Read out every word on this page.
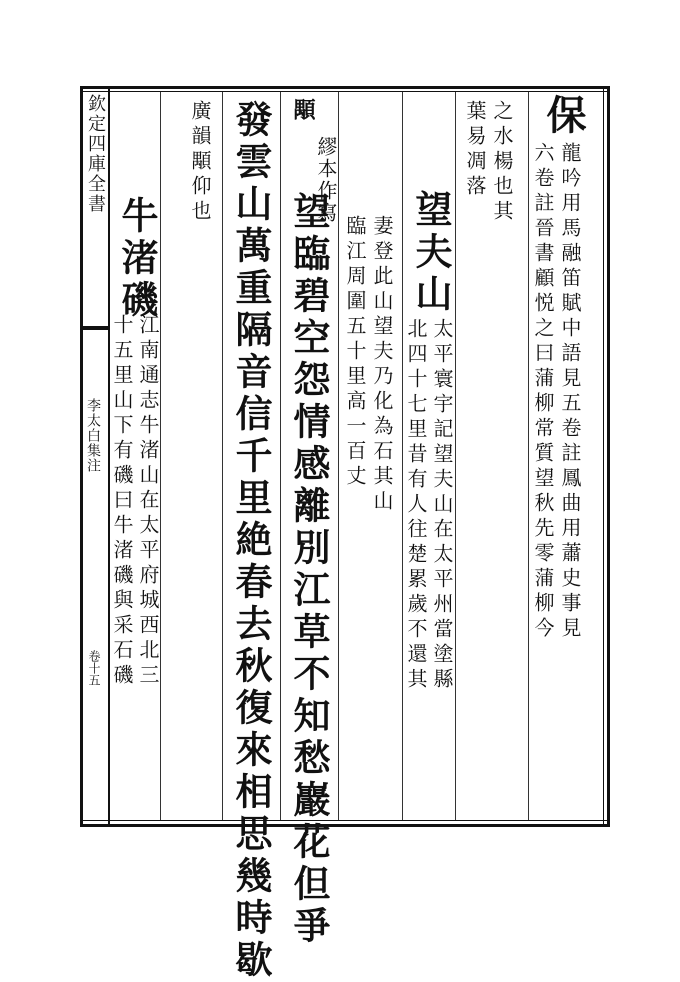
欽定四庫全書
李太白集注
卷十五
保
龍吟用馬融笛賦中語見五卷註鳳曲用蕭史事見
六卷註晉書顧悦之曰蒲柳常質望秋先零蒲柳今
之水楊也其
葉易凋落
望夫山
太平寰宇記望夫山在太平州當塗縣
北四十七里昔有人往楚累歲不還其
妻登此山望夫乃化為石其山
臨江周圍五十里高一百丈
顒
望臨碧空怨情感離別江草不知愁巖花但爭
繆本作寫
發雲山萬重隔音信千里絶春去秋復來相思幾時歇
廣韻顒仰也
牛渚磯
江南通志牛渚山在太平府城西北三
十五里山下有磯曰牛渚磯與采石磯
